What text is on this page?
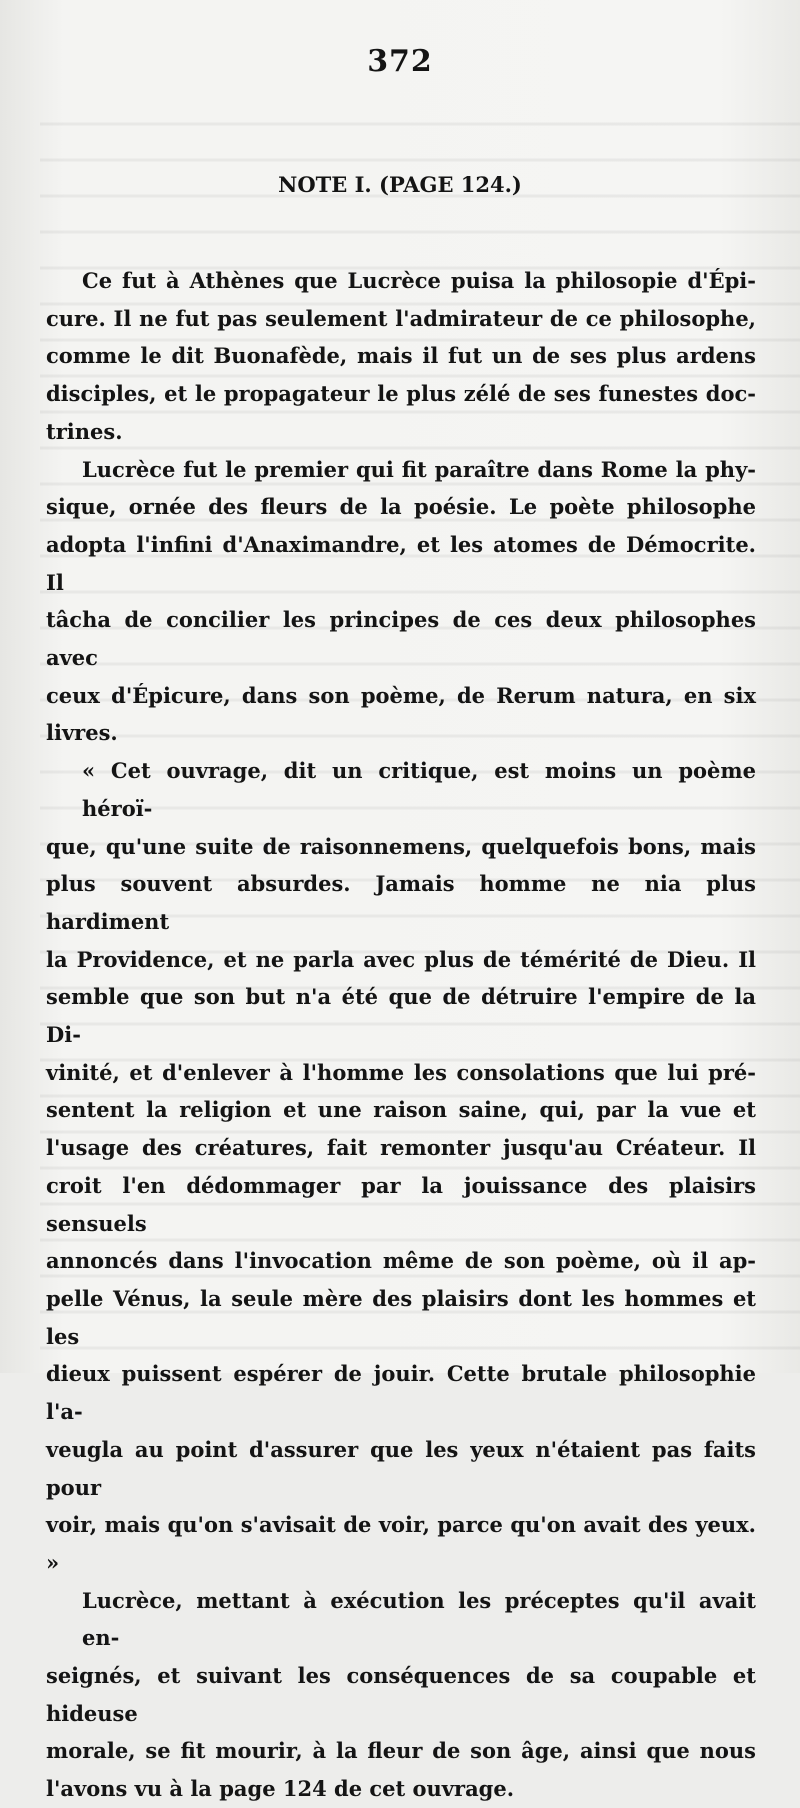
372
NOTE I. (PAGE 124.)
Ce fut à Athènes que Lucrèce puisa la philosopie d'Épi-
cure. Il ne fut pas seulement l'admirateur de ce philosophe,
comme le dit Buonafède, mais il fut un de ses plus ardens
disciples, et le propagateur le plus zélé de ses funestes doc-
trines.
Lucrèce fut le premier qui fit paraître dans Rome la phy-
sique, ornée des fleurs de la poésie. Le poète philosophe
adopta l'infini d'Anaximandre, et les atomes de Démocrite. Il
tâcha de concilier les principes de ces deux philosophes avec
ceux d'Épicure, dans son poème, de Rerum natura, en six
livres.
« Cet ouvrage, dit un critique, est moins un poème héroï-
que, qu'une suite de raisonnemens, quelquefois bons, mais
plus souvent absurdes. Jamais homme ne nia plus hardiment
la Providence, et ne parla avec plus de témérité de Dieu. Il
semble que son but n'a été que de détruire l'empire de la Di-
vinité, et d'enlever à l'homme les consolations que lui pré-
sentent la religion et une raison saine, qui, par la vue et
l'usage des créatures, fait remonter jusqu'au Créateur. Il
croit l'en dédommager par la jouissance des plaisirs sensuels
annoncés dans l'invocation même de son poème, où il ap-
pelle Vénus, la seule mère des plaisirs dont les hommes et les
dieux puissent espérer de jouir. Cette brutale philosophie l'a-
veugla au point d'assurer que les yeux n'étaient pas faits pour
voir, mais qu'on s'avisait de voir, parce qu'on avait des yeux. »
Lucrèce, mettant à exécution les préceptes qu'il avait en-
seignés, et suivant les conséquences de sa coupable et hideuse
morale, se fit mourir, à la fleur de son âge, ainsi que nous
l'avons vu à la page 124 de cet ouvrage.
